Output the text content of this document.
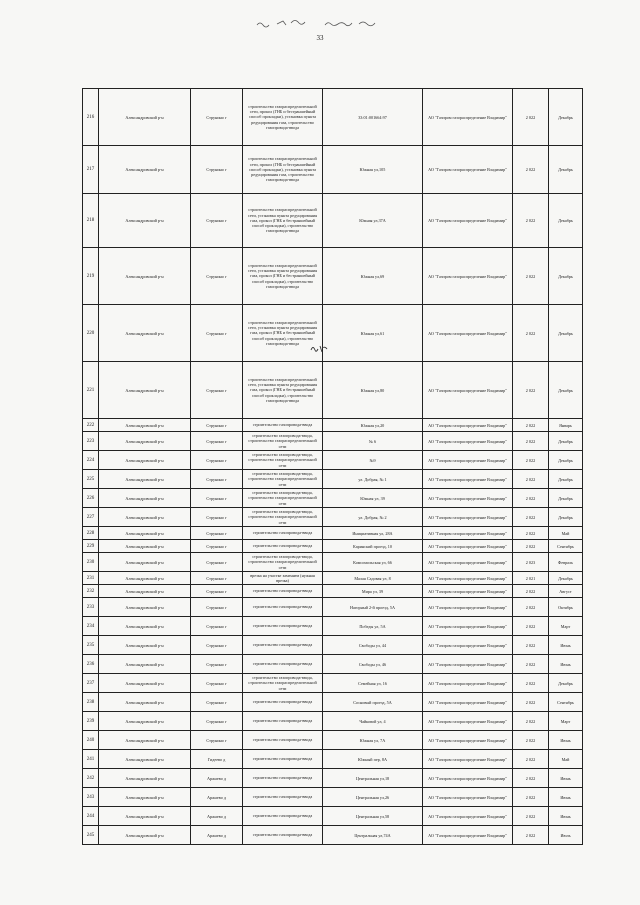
33
216	Александровский р-н	Струнино г	строительство газораспределительной сети, прокол (ГНБ и бестраншейный способ прокладки), установка пункта редуцирования газа, строительство газопровода-ввода	33:01:001664:97	АО "Газпром газораспределение Владимир"	2 022	Декабрь
217	Александровский р-н	Струнино г	строительство газораспределительной сети, прокол (ГНБ и бестраншейный способ прокладки), установка пункта редуцирования газа, строительство газопровода-ввода	Южная ул,105	АО "Газпром газораспределение Владимир"	2 022	Декабрь
218	Александровский р-н	Струнино г	строительство газораспределительной сети, установка пункта редуцирования газа, прокол (ГНБ и бестраншейный способ прокладки), строительство газопровода-ввода	Южная ул,37А	АО "Газпром газораспределение Владимир"	2 022	Декабрь
219	Александровский р-н	Струнино г	строительство газораспределительной сети, установка пункта редуцирования газа, прокол (ГНБ и бестраншейный способ прокладки), строительство газопровода-ввода	Южная ул,69	АО "Газпром газораспределение Владимир"	2 022	Декабрь
220	Александровский р-н	Струнино г	строительство газораспределительной сети, установка пункта редуцирования газа, прокол (ГНБ и бестраншейный способ прокладки), строительство газопровода-ввода	Южная ул,61	АО "Газпром газораспределение Владимир"	2 022	Декабрь
221	Александровский р-н	Струнино г	строительство газораспределительной сети, установка пункта редуцирования газа, прокол (ГНБ и бестраншейный способ прокладки), строительство газопровода-ввода	Южная ул,80	АО "Газпром газораспределение Владимир"	2 022	Декабрь
222	Александровский р-н	Струнино г	строительство газопровода-ввода	Южная ул,20	АО "Газпром газораспределение Владимир"	2 022	Январь
223	Александровский р-н	Струнино г	строительство газопровода-ввода, строительство газораспределительной сети	№ 6	АО "Газпром газораспределение Владимир"	2 022	Декабрь
224	Александровский р-н	Струнино г	строительство газопровода-ввода, строительство газораспределительной сети	№9	АО "Газпром газораспределение Владимир"	2 022	Декабрь
225	Александровский р-н	Струнино г	строительство газопровода-ввода, строительство газораспределительной сети	ул. Добрая, № 1	АО "Газпром газораспределение Владимир"	2 022	Декабрь
226	Александровский р-н	Струнино г	строительство газопровода-ввода, строительство газораспределительной сети	Южная ул, 39	АО "Газпром газораспределение Владимир"	2 022	Декабрь
227	Александровский р-н	Струнино г	строительство газопровода-ввода, строительство газораспределительной сети	ул. Добрая, № 2	АО "Газпром газораспределение Владимир"	2 022	Декабрь
228	Александровский р-н	Струнино г	строительство газопровода-ввода	Инициативная ул, 28А	АО "Газпром газораспределение Владимир"	2 022	Май
229	Александровский р-н	Струнино г	строительство газопровода-ввода	Каринский проезд, 10	АО "Газпром газораспределение Владимир"	2 022	Сентябрь
230	Александровский р-н	Струнино г	строительство газопровода-ввода, строительство газораспределительной сети	Комсомольская ул, 66	АО "Газпром газораспределение Владимир"	2 023	Февраль
231	Александровский р-н	Струнино г	врезка на участке заменяем (нужная врезка)	Малая Садовая ул, 8	АО "Газпром газораспределение Владимир"	2 021	Декабрь
232	Александровский р-н	Струнино г	строительство газопровода-ввода	Мира ул, 39	АО "Газпром газораспределение Владимир"	2 022	Август
233	Александровский р-н	Струнино г	строительство газопровода-ввода	Нагорный 2-й проезд, 5А	АО "Газпром газораспределение Владимир"	2 022	Октябрь
234	Александровский р-н	Струнино г	строительство газопровода-ввода	Победы ул, 5А	АО "Газпром газораспределение Владимир"	2 022	Март
235	Александровский р-н	Струнино г	строительство газопровода-ввода	Свободы ул, 44	АО "Газпром газораспределение Владимир"	2 022	Июнь
236	Александровский р-н	Струнино г	строительство газопровода-ввода	Свободы ул, 46	АО "Газпром газораспределение Владимир"	2 022	Июнь
237	Александровский р-н	Струнино г	строительство газопровода-ввода, строительство газораспределительной сети	Семейная ул, 16	АО "Газпром газораспределение Владимир"	2 022	Декабрь
238	Александровский р-н	Струнино г	строительство газопровода-ввода	Сосновый проезд, 5А	АО "Газпром газораспределение Владимир"	2 022	Сентябрь
239	Александровский р-н	Струнино г	строительство газопровода-ввода	Чайковой ул, 4	АО "Газпром газораспределение Владимир"	2 022	Март
240	Александровский р-н	Струнино г	строительство газопровода-ввода	Южная ул, 7А	АО "Газпром газораспределение Владимир"	2 022	Июнь
241	Александровский р-н	Гидеево д	строительство газопровода-ввода	Южный пер, 8А	АО "Газпром газораспределение Владимир"	2 022	Май
242	Александровский р-н	Аржаево д	строительство газопровода-ввода	Центральная ул,18	АО "Газпром газораспределение Владимир"	2 022	Июнь
243	Александровский р-н	Аржаево д	строительство газопровода-ввода	Центральная ул,26	АО "Газпром газораспределение Владимир"	2 022	Июнь
244	Александровский р-н	Аржаево д	строительство газопровода-ввода	Центральная ул,58	АО "Газпром газораспределение Владимир"	2 022	Июнь
245	Александровский р-н	Аржаево д	строительство газопровода-ввода	Центральная ул,74А	АО "Газпром газораспределение Владимир"	2 022	Июль
